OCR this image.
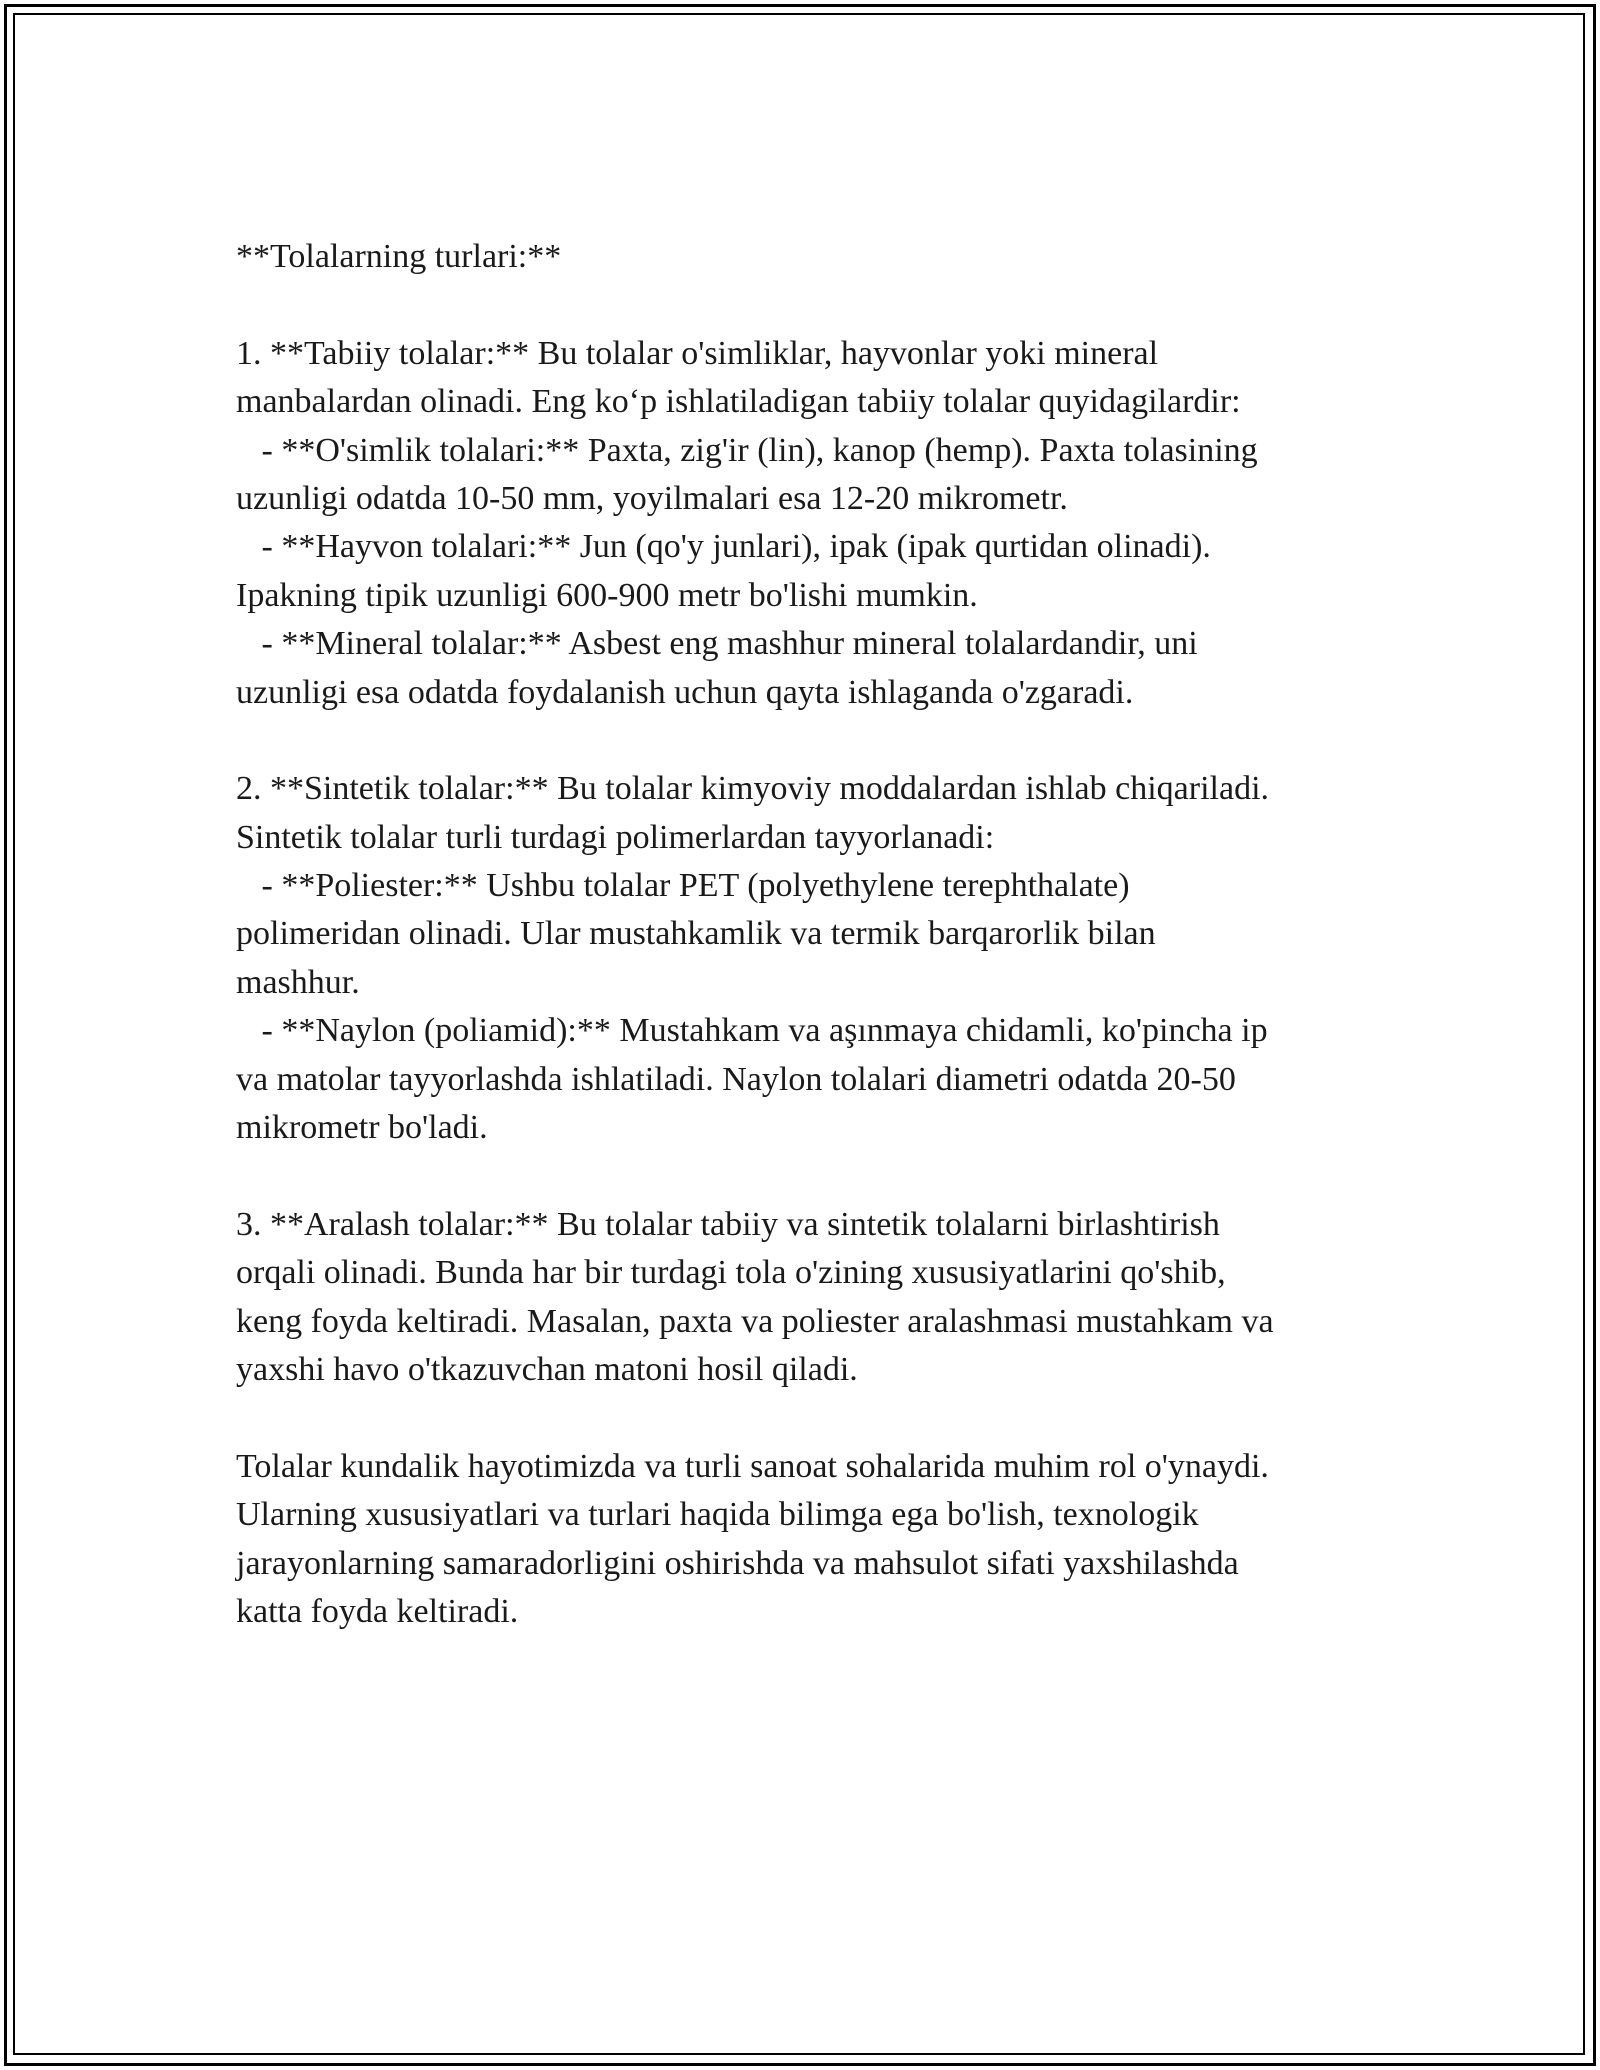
**Tolalarning turlari:**
1. **Tabiiy tolalar:** Bu tolalar o'simliklar, hayvonlar yoki mineral
manbalardan olinadi. Eng ko‘p ishlatiladigan tabiiy tolalar quyidagilardir:
- **O'simlik tolalari:** Paxta, zig'ir (lin), kanop (hemp). Paxta tolasining
uzunligi odatda 10-50 mm, yoyilmalari esa 12-20 mikrometr.
- **Hayvon tolalari:** Jun (qo'y junlari), ipak (ipak qurtidan olinadi).
Ipakning tipik uzunligi 600-900 metr bo'lishi mumkin.
- **Mineral tolalar:** Asbest eng mashhur mineral tolalardandir, uni
uzunligi esa odatda foydalanish uchun qayta ishlaganda o'zgaradi.
2. **Sintetik tolalar:** Bu tolalar kimyoviy moddalardan ishlab chiqariladi.
Sintetik tolalar turli turdagi polimerlardan tayyorlanadi:
- **Poliester:** Ushbu tolalar PET (polyethylene terephthalate)
polimeridan olinadi. Ular mustahkamlik va termik barqarorlik bilan
mashhur.
- **Naylon (poliamid):** Mustahkam va aşınmaya chidamli, ko'pincha ip
va matolar tayyorlashda ishlatiladi. Naylon tolalari diametri odatda 20-50
mikrometr bo'ladi.
3. **Aralash tolalar:** Bu tolalar tabiiy va sintetik tolalarni birlashtirish
orqali olinadi. Bunda har bir turdagi tola o'zining xususiyatlarini qo'shib,
keng foyda keltiradi. Masalan, paxta va poliester aralashmasi mustahkam va
yaxshi havo o'tkazuvchan matoni hosil qiladi.
Tolalar kundalik hayotimizda va turli sanoat sohalarida muhim rol o'ynaydi.
Ularning xususiyatlari va turlari haqida bilimga ega bo'lish, texnologik
jarayonlarning samaradorligini oshirishda va mahsulot sifati yaxshilashda
katta foyda keltiradi.
